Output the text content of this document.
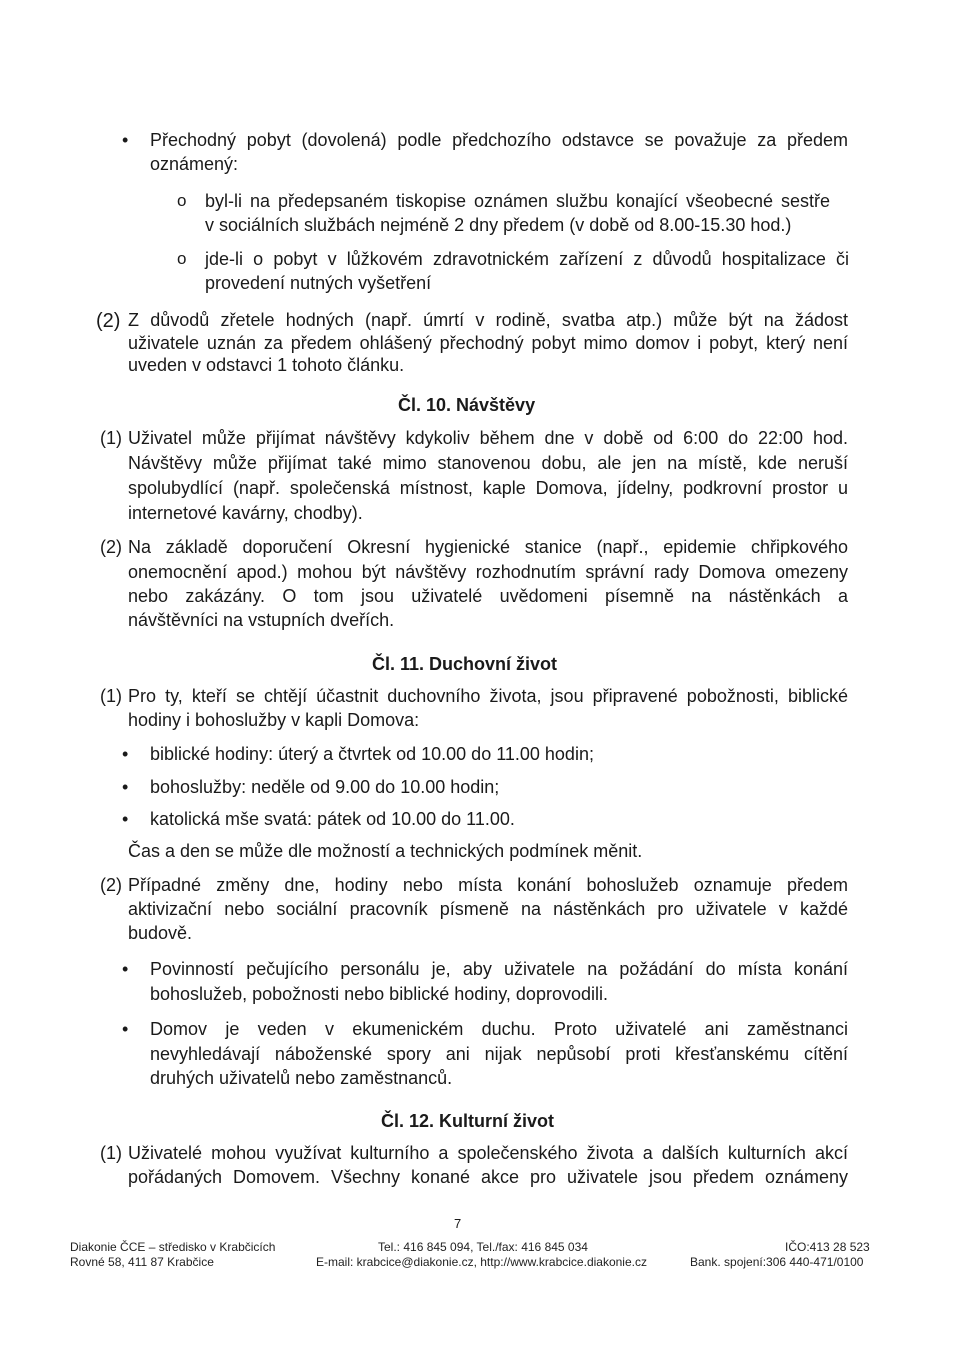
• Přechodný pobyt (dovolená) podle předchozího odstavce se považuje za předem
oznámený:
o byl-li na předepsaném tiskopise oznámen službu konající všeobecné sestře
v sociálních službách nejméně 2 dny předem (v době od 8.00-15.30 hod.)
o jde-li o pobyt v lůžkovém zdravotnickém zařízení z důvodů hospitalizace či
provedení nutných vyšetření
(2) Z důvodů zřetele hodných (např. úmrtí v rodině, svatba atp.) může být na žádost
uživatele uznán za předem ohlášený přechodný pobyt mimo domov i pobyt, který není
uveden v odstavci 1 tohoto článku.
Čl. 10. Návštěvy
(1) Uživatel může přijímat návštěvy kdykoliv během dne v době od 6:00 do 22:00 hod.
Návštěvy může přijímat také mimo stanovenou dobu, ale jen na místě, kde neruší
spolubydlící (např. společenská místnost, kaple Domova, jídelny, podkrovní prostor u
internetové kavárny, chodby).
(2) Na základě doporučení Okresní hygienické stanice (např., epidemie chřipkového
onemocnění apod.) mohou být návštěvy rozhodnutím správní rady Domova omezeny
nebo zakázány. O tom jsou uživatelé uvědomeni písemně na nástěnkách a
návštěvníci na vstupních dveřích.
Čl. 11. Duchovní život
(1) Pro ty, kteří se chtějí účastnit duchovního života, jsou připravené pobožnosti, biblické
hodiny i bohoslužby v kapli Domova:
• biblické hodiny: úterý a čtvrtek od 10.00 do 11.00 hodin;
• bohoslužby: neděle od 9.00 do 10.00 hodin;
• katolická mše svatá: pátek od 10.00 do 11.00.
Čas a den se může dle možností a technických podmínek měnit.
(2) Případné změny dne, hodiny nebo místa konání bohoslužeb oznamuje předem
aktivizační nebo sociální pracovník písmeně na nástěnkách pro uživatele v každé
budově.
• Povinností pečujícího personálu je, aby uživatele na požádání do místa konání
bohoslužeb, pobožnosti nebo biblické hodiny, doprovodili.
• Domov je veden v ekumenickém duchu. Proto uživatelé ani zaměstnanci
nevyhledávají náboženské spory ani nijak nepůsobí proti křesťanskému cítění
druhých uživatelů nebo zaměstnanců.
Čl. 12. Kulturní život
(1) Uživatelé mohou využívat kulturního a společenského života a dalších kulturních akcí
pořádaných Domovem. Všechny konané akce pro uživatele jsou předem oznámeny
7
Diakonie ČCE – středisko v Krabčicích
Rovné 58, 411 87 Krabčice
Tel.: 416 845 094, Tel./fax: 416 845 034
E-mail: krabcice@diakonie.cz, http://www.krabcice.diakonie.cz
IČO:413 28 523
Bank. spojení:306 440-471/0100
